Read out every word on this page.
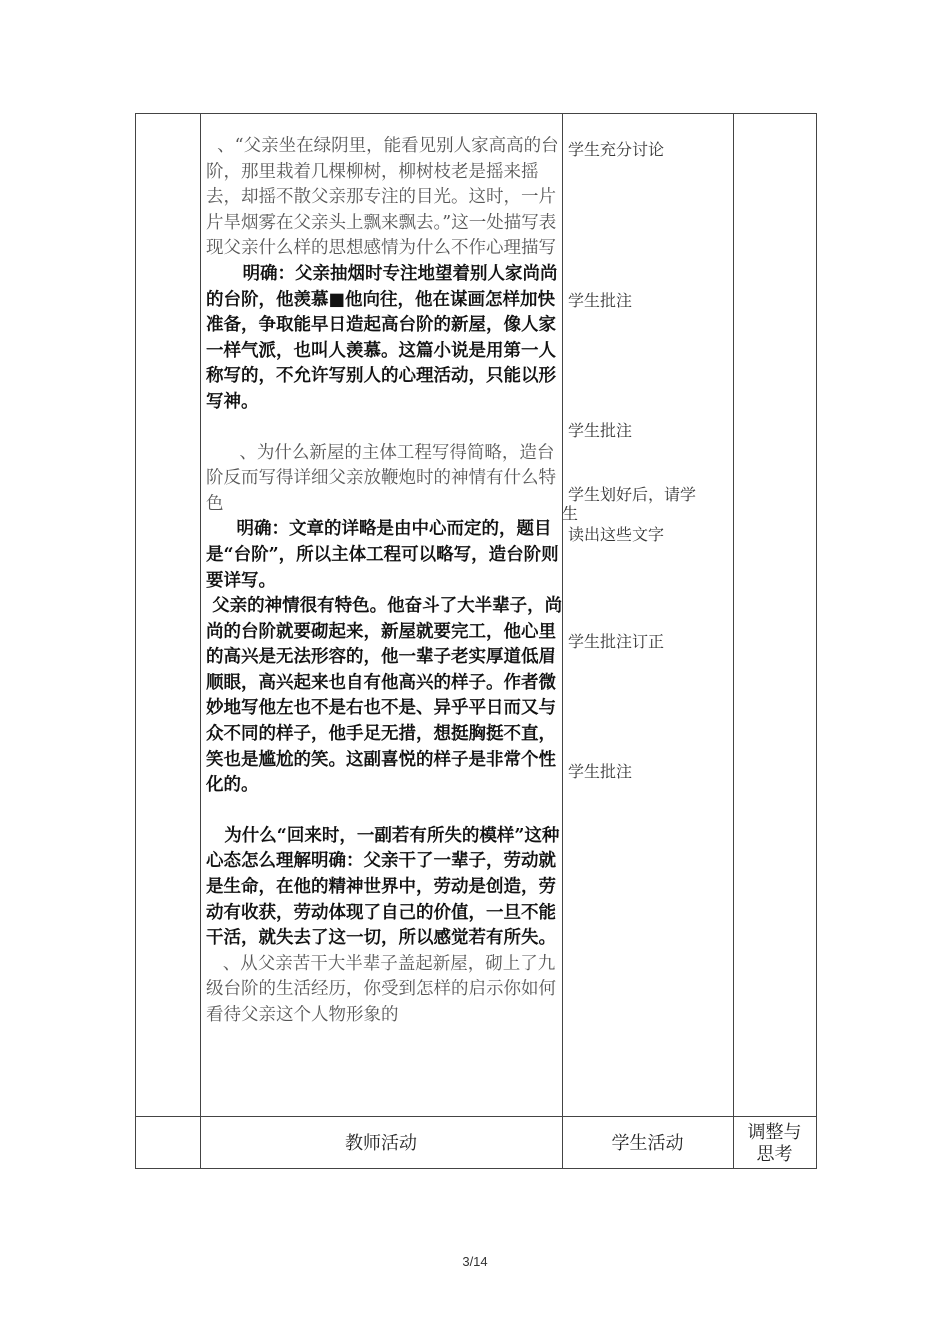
、“父亲坐在绿阴里，能看见别人家高高的台阶，那里栽着几棵柳树，柳树枝老是摇来摇去，却摇不散父亲那专注的目光。这时，一片片旱烟雾在父亲头上飘来飘去。”这一处描写表现父亲什么样的思想感情为什么不作心理描写

明确：父亲抽烟时专注地望着别人家尚尚的台阶，他羡慕■他向往，他在谋画怎样加快准备，争取能早日造起高台阶的新屋，像人家一样气派，也叫人羡慕。这篇小说是用第一人称写的，不允许写别人的心理活动，只能以形写神。

、为什么新屋的主体工程写得简略，造台阶反而写得详细父亲放鞭炮时的神情有什么特色

明确：文章的详略是由中心而定的，题目是“台阶”，所以主体工程可以略写，造台阶则要详写。

父亲的神情很有特色。他奋斗了大半辈子，尚尚的台阶就要砌起来，新屋就要完工，他心里的高兴是无法形容的，他一辈子老实厚道低眉顺眼，高兴起来也自有他高兴的样子。作者微妙地写他左也不是右也不是、异乎平日而又与众不同的样子，他手足无措，想挺胸挺不直，笑也是尴尬的笑。这副喜悦的样子是非常个性化的。

为什么“回来时，一副若有所失的模样”这种心态怎么理解明确：父亲干了一辈子，劳动就是生命，在他的精神世界中，劳动是创造，劳动有收获，劳动体现了自己的价值，一旦不能干活，就失去了这一切，所以感觉若有所失。

、从父亲苦干大半辈子盖起新屋，砌上了九级台阶的生活经历，你受到怎样的启示你如何看待父亲这个人物形象的

学生充分讨论
学生批注
学生批注
学生划好后，请学
生
读出这些文字
学生批注订正
学生批注
教师活动	学生活动
调整与
思考
3/14
